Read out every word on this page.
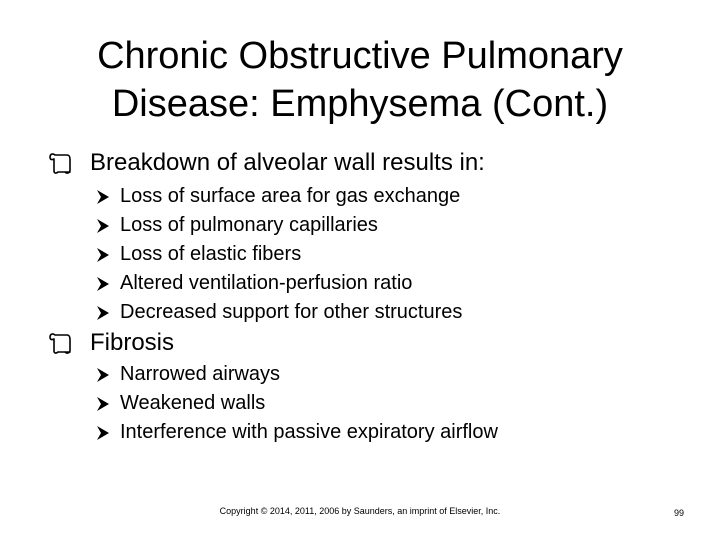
Chronic Obstructive Pulmonary
Disease: Emphysema (Cont.)
Breakdown of alveolar wall results in:
Loss of surface area for gas exchange
Loss of pulmonary capillaries
Loss of elastic fibers
Altered ventilation-perfusion ratio
Decreased support for other structures
Fibrosis
Narrowed airways
Weakened walls
Interference with passive expiratory airflow
Copyright © 2014, 2011, 2006 by Saunders, an imprint of Elsevier, Inc.	99
